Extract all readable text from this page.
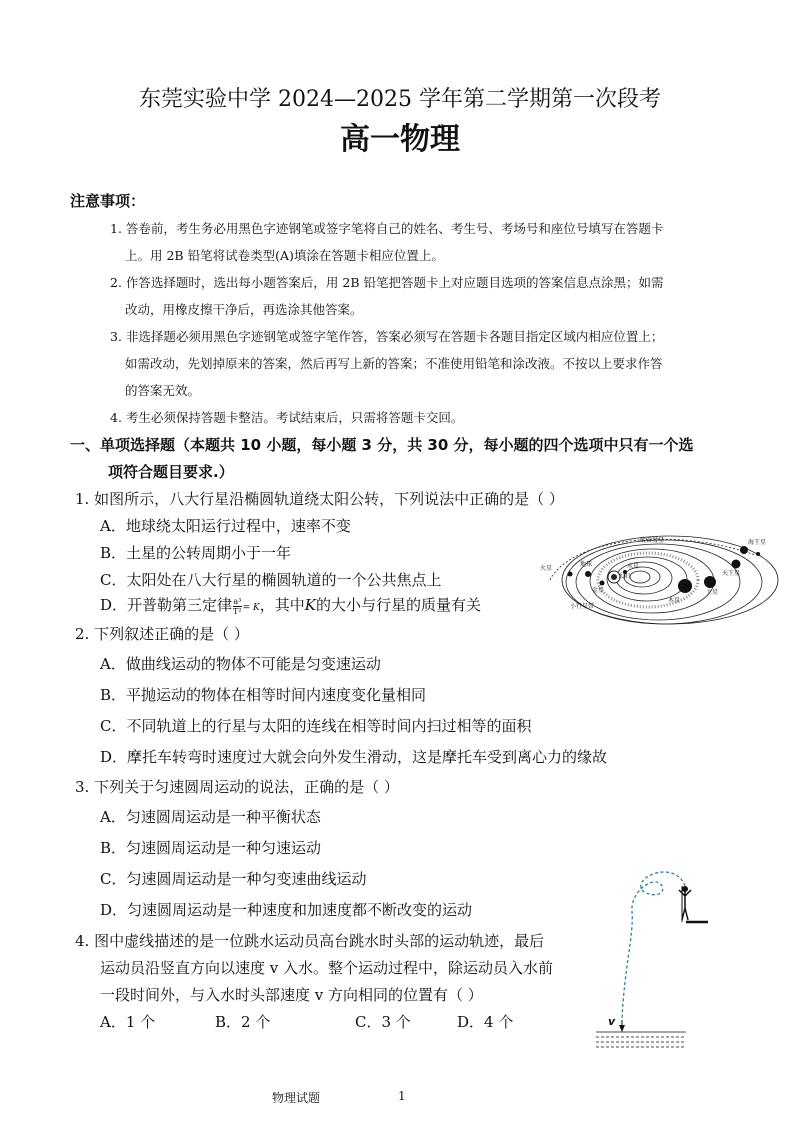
东莞实验中学 2024—2025 学年第二学期第一次段考
高一物理
注意事项：
1. 答卷前，考生务必用黑色字迹钢笔或签字笔将自己的姓名、考生号、考场号和座位号填写在答题卡
上。用 2B 铅笔将试卷类型(A)填涂在答题卡相应位置上。
2. 作答选择题时，选出每小题答案后，用 2B 铅笔把答题卡上对应题目选项的答案信息点涂黑；如需
改动，用橡皮擦干净后，再选涂其他答案。
3. 非选择题必须用黑色字迹钢笔或签字笔作答，答案必须写在答题卡各题目指定区域内相应位置上；
如需改动，先划掉原来的答案，然后再写上新的答案；不准使用铅笔和涂改液。不按以上要求作答
的答案无效。
4. 考生必须保持答题卡整洁。考试结束后，只需将答题卡交回。
一、单项选择题（本题共 10 小题，每小题 3 分，共 30 分，每小题的四个选项中只有一个选
项符合题目要求.）
1. 如图所示，八大行星沿椭圆轨道绕太阳公转，下列说法中正确的是（ ）
A．地球绕太阳运行过程中，速率不变
B．土星的公转周期小于一年
C．太阳处在八大行星的椭圆轨道的一个公共焦点上
D．开普勒第三定律 $\frac{\text{a³}}{\text{T²}} = K$，其中K的大小与行星的质量有关
太阳
水星
金星
地球
火星
木星
土星
天王星
海王星
小行星带
哈雷彗星
2. 下列叙述正确的是（ ）
A．做曲线运动的物体不可能是匀变速运动
B．平抛运动的物体在相等时间内速度变化量相同
C．不同轨道上的行星与太阳的连线在相等时间内扫过相等的面积
D．摩托车转弯时速度过大就会向外发生滑动，这是摩托车受到离心力的缘故
3. 下列关于匀速圆周运动的说法，正确的是（ ）
A．匀速圆周运动是一种平衡状态
B．匀速圆周运动是一种匀速运动
C．匀速圆周运动是一种匀变速曲线运动
D．匀速圆周运动是一种速度和加速度都不断改变的运动
4. 图中虚线描述的是一位跳水运动员高台跳水时头部的运动轨迹，最后
运动员沿竖直方向以速度 v 入水。整个运动过程中，除运动员入水前
一段时间外，与入水时头部速度 v 方向相同的位置有（ ）
A．1 个	B．2 个	C．3 个	D．4 个	v
物理试题	1
